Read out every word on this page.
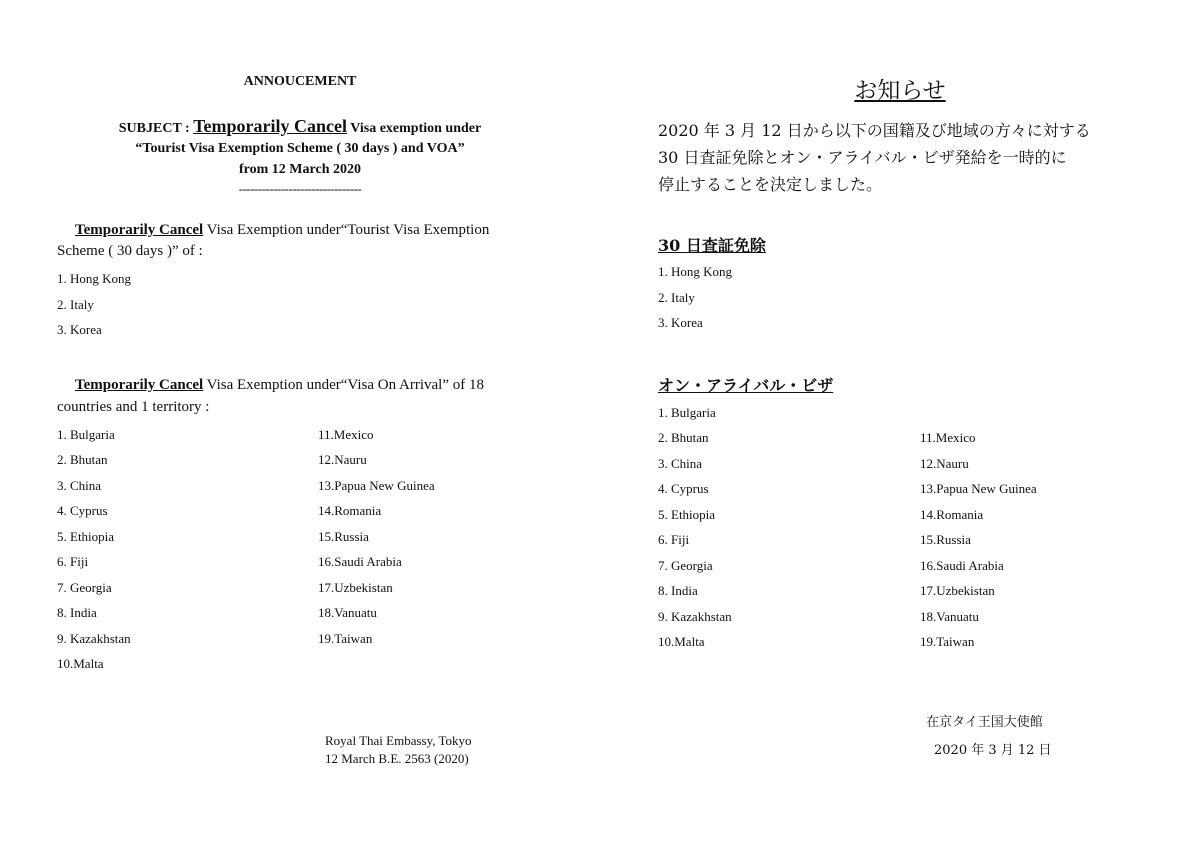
ANNOUCEMENT
SUBJECT : Temporarily Cancel Visa exemption under
“Tourist Visa Exemption Scheme ( 30 days ) and VOA”
from 12 March 2020
--------------------------------
Temporarily Cancel Visa Exemption under“Tourist Visa Exemption
Scheme ( 30 days )” of :
1. Hong Kong
2. Italy
3. Korea
Temporarily Cancel Visa Exemption under“Visa On Arrival” of 18
countries and 1 territory :
1. Bulgaria
2. Bhutan
3. China
4. Cyprus
5. Ethiopia
6. Fiji
7. Georgia
8. India
9. Kazakhstan
10.Malta
11.Mexico
12.Nauru
13.Papua New Guinea
14.Romania
15.Russia
16.Saudi Arabia
17.Uzbekistan
18.Vanuatu
19.Taiwan
Royal Thai Embassy, Tokyo
12 March B.E. 2563 (2020)
お知らせ
2020 年 3 月 12 日から以下の国籍及び地域の方々に対する
30 日査証免除とオン・アライバル・ビザ発給を一時的に
停止することを決定しました。
30 日査証免除
1. Hong Kong
2. Italy
3. Korea
オン・アライバル・ビザ
1. Bulgaria
2. Bhutan
3. China
4. Cyprus
5. Ethiopia
6. Fiji
7. Georgia
8. India
9. Kazakhstan
10.Malta
11.Mexico
12.Nauru
13.Papua New Guinea
14.Romania
15.Russia
16.Saudi Arabia
17.Uzbekistan
18.Vanuatu
19.Taiwan
在京タイ王国大使館
2020 年 3 月 12 日
